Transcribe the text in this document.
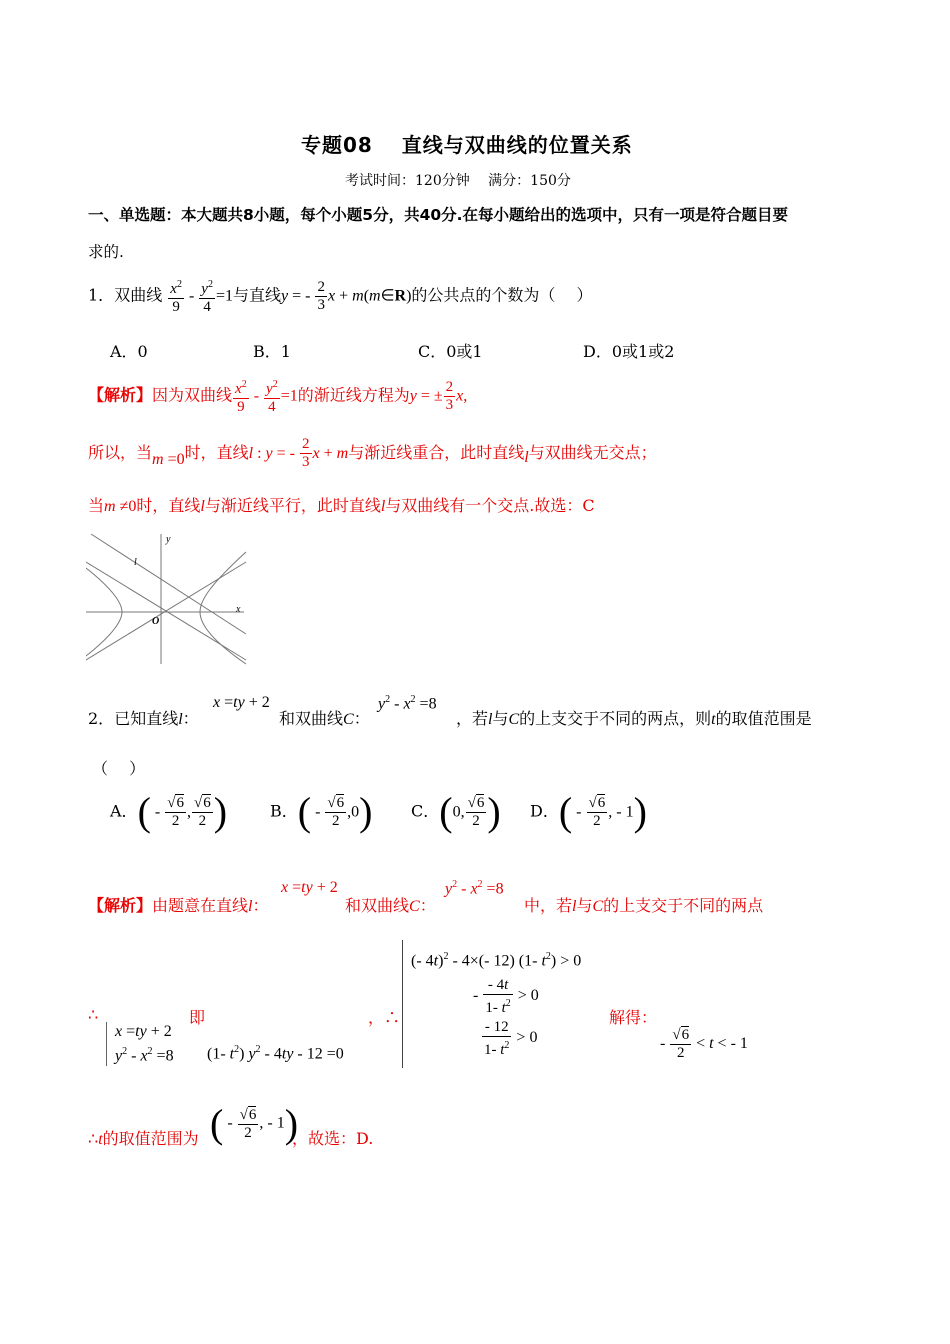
专题08　 直线与双曲线的位置关系
考试时间：120分钟　 满分：150分
一、单选题：本大题共8小题，每个小题5分，共40分.在每小题给出的选项中，只有一项是符合题目要
求的.
1．双曲线 $\frac{x^2}{9} - \frac{y^2}{4} =1$与直线y = - $\frac{2}{3}$ x + m(m∈R)的公共点的个数为（　 ）
A．0	B．1	C．0或1	D．0或1或2
【解析】因为双曲线 $\frac{x^2}{9} - \frac{y^2}{4} =1$的渐近线方程为y = ± $\frac{2}{3} x$,
所以，当m =0时，直线l : y = - $\frac{2}{3}$ x + m与渐近线重合，此时直线l与双曲线无交点；
当m ≠0时，直线l与渐近线平行，此时直线l与双曲线有一个交点.故选：C
y
x
O
l
2．已知直线l：
x =ty + 2
和双曲线C：
$y^2 - x^2 =8$
，若l与C的上支交于不同的两点，则t的取值范围是
（　 ）
A．( - $\frac{√6}{2}$ , $\frac{√6}{2}$ )	B．( - $\frac{√6}{2} ,0$) C．(0, $\frac{√6}{2}$ ) D．( - $\frac{√6}{2}$ , - 1)
【解析】由题意在直线l：
x =ty + 2
和双曲线C：
$y^2 - x^2 =8$
中，若l与C的上支交于不同的两点
∴	即
x =ty + 2
$y^2 - x^2 =8$ (1- $t^2$) $y^2 - 4ty - 12 =0$
，∴
(- 4t)$^2$ - 4×(- 12) (1- $t^2) > 0$
- $\frac{- 4t}{1- t^2} > 0$
$\frac{- 12}{1- t^2} > 0$
解得：
- $\frac{√6}{2} < t$ < - 1
∴t的取值范围为 ( - $\frac{√6}{2}$ , - 1)
，故选：D.
